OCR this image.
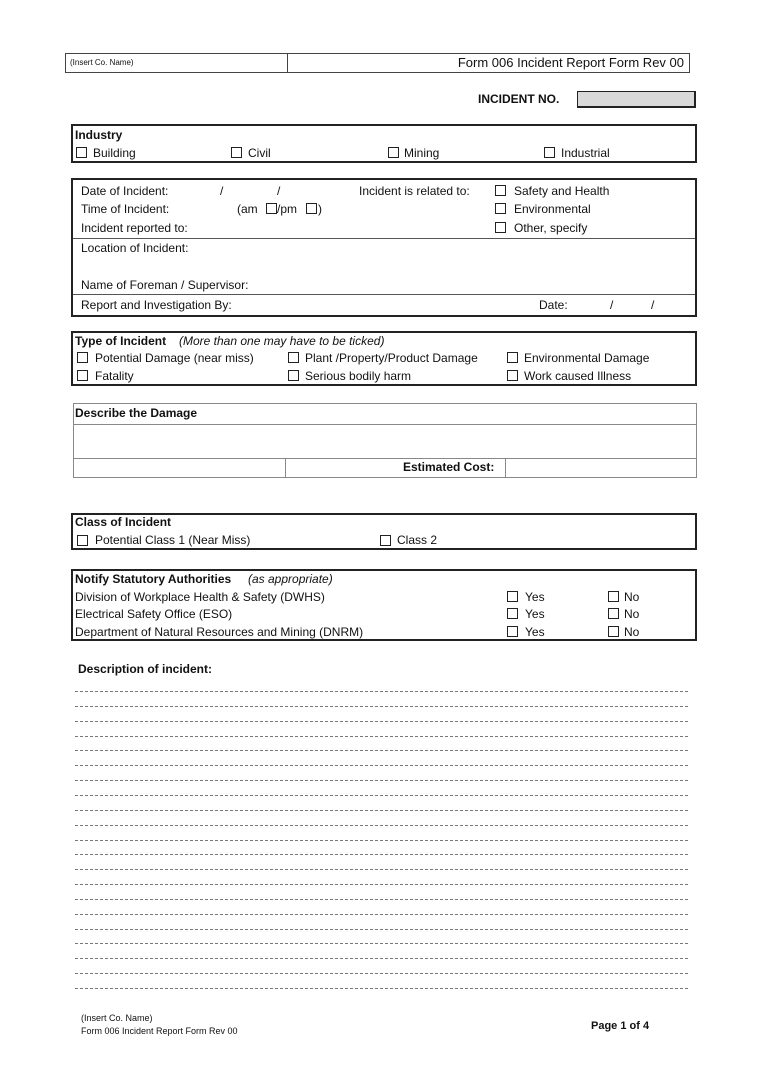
(Insert Co. Name)	Form 006 Incident Report Form Rev 00
INCIDENT NO.
Industry
Building	Civil	Mining	Industrial
Date of Incident:	/	/
Time of Incident:	(am /pm )
Incident reported to:
Incident is related to:	Safety and Health
Environmental
Other, specify
Location of Incident:
Name of Foreman / Supervisor:
Report and Investigation By:	Date:	/	/
Type of Incident (More than one may have to be ticked)
Potential Damage (near miss)	Plant /Property/Product Damage	Environmental Damage
Fatality	Serious bodily harm	Work caused Illness
Describe the Damage
Estimated Cost:
Class of Incident
Potential Class 1 (Near Miss)	Class 2
Notify Statutory Authorities (as appropriate)
Division of Workplace Health & Safety (DWHS)	Yes	No
Electrical Safety Office (ESO)	Yes	No
Department of Natural Resources and Mining (DNRM)	Yes	No
Description of incident:
(Insert Co. Name)
Form 006 Incident Report Form Rev 00	Page 1 of 4
